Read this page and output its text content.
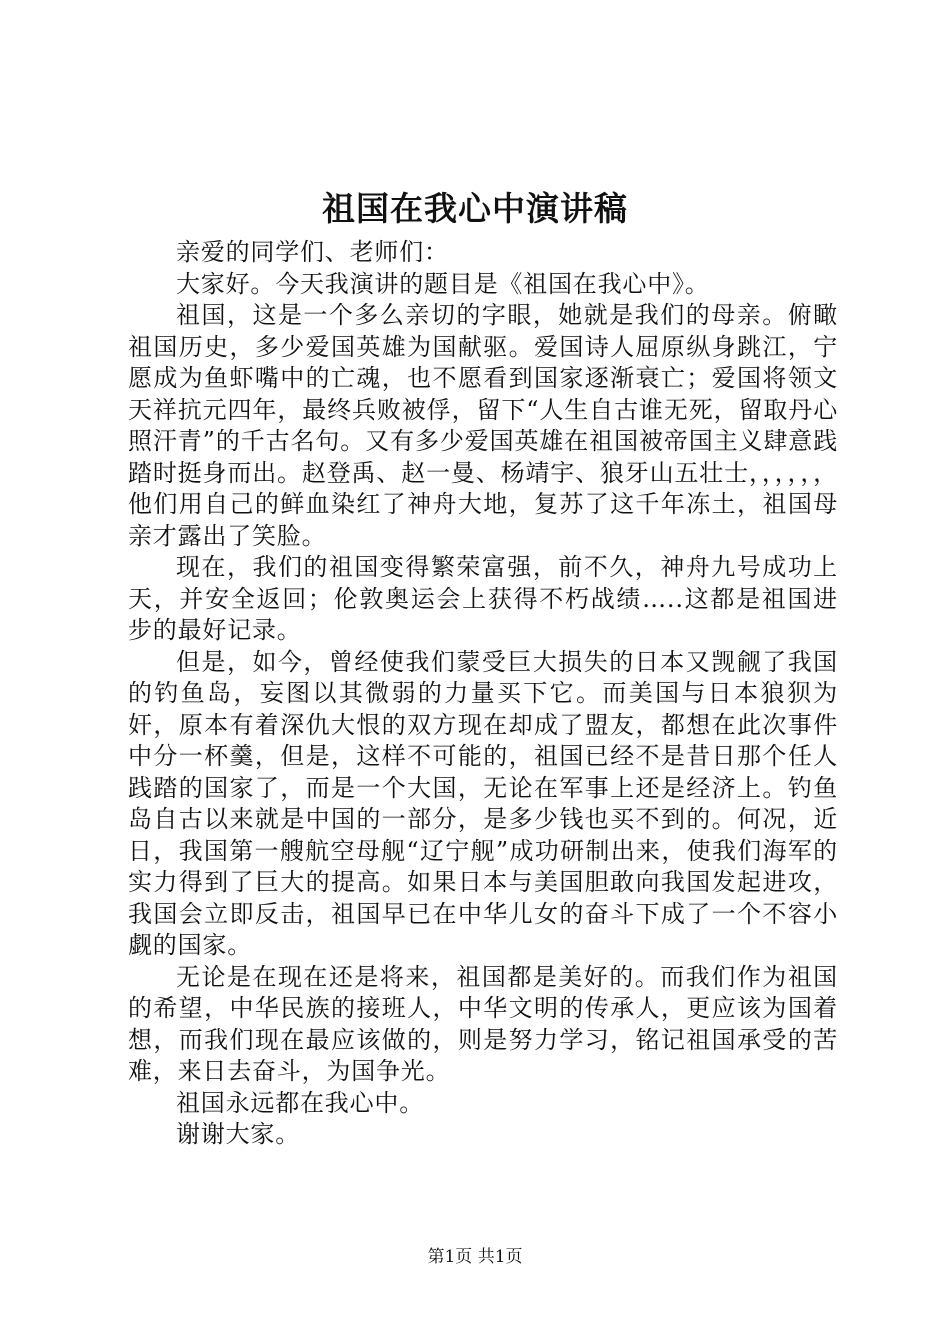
祖国在我心中演讲稿

亲爱的同学们、老师们：

大家好。今天我演讲的题目是《祖国在我心中》。

祖国，这是一个多么亲切的字眼，她就是我们的母亲。俯瞰祖国历史，多少爱国英雄为国献驱。爱国诗人屈原纵身跳江，宁愿成为鱼虾嘴中的亡魂，也不愿看到国家逐渐衰亡；爱国将领文天祥抗元四年，最终兵败被俘，留下“人生自古谁无死，留取丹心照汗青”的千古名句。又有多少爱国英雄在祖国被帝国主义肆意践踏时挺身而出。赵登禹、赵一曼、杨靖宇、狼牙山五壮士，，，，，，他们用自己的鲜血染红了神舟大地，复苏了这千年冻土，祖国母亲才露出了笑脸。

现在，我们的祖国变得繁荣富强，前不久，神舟九号成功上天，并安全返回；伦敦奥运会上获得不朽战绩…..这都是祖国进步的最好记录。

但是，如今，曾经使我们蒙受巨大损失的日本又觊觎了我国的钓鱼岛，妄图以其微弱的力量买下它。而美国与日本狼狈为奸，原本有着深仇大恨的双方现在却成了盟友，都想在此次事件中分一杯羹，但是，这样不可能的，祖国已经不是昔日那个任人践踏的国家了，而是一个大国，无论在军事上还是经济上。钓鱼岛自古以来就是中国的一部分，是多少钱也买不到的。何况，近日，我国第一艘航空母舰“辽宁舰”成功研制出来，使我们海军的实力得到了巨大的提高。如果日本与美国胆敢向我国发起进攻，我国会立即反击，祖国早已在中华儿女的奋斗下成了一个不容小觑的国家。

无论是在现在还是将来，祖国都是美好的。而我们作为祖国的希望，中华民族的接班人，中华文明的传承人，更应该为国着想，而我们现在最应该做的，则是努力学习，铭记祖国承受的苦难，来日去奋斗，为国争光。

祖国永远都在我心中。

谢谢大家。

第1页 共1页
